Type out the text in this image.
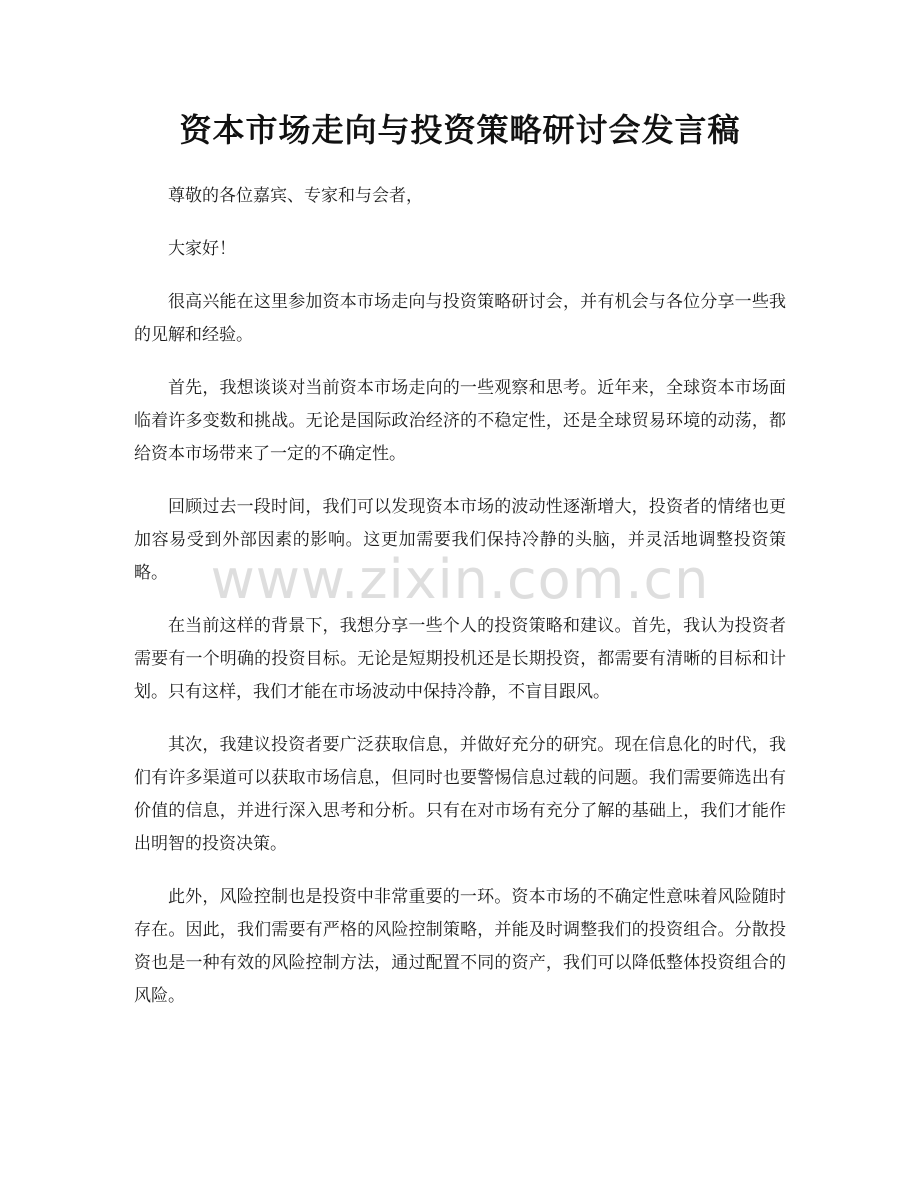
资本市场走向与投资策略研讨会发言稿

尊敬的各位嘉宾、专家和与会者，

大家好！

很高兴能在这里参加资本市场走向与投资策略研讨会，并有机会与各位分享一些我的见解和经验。

首先，我想谈谈对当前资本市场走向的一些观察和思考。近年来，全球资本市场面临着许多变数和挑战。无论是国际政治经济的不稳定性，还是全球贸易环境的动荡，都给资本市场带来了一定的不确定性。

回顾过去一段时间，我们可以发现资本市场的波动性逐渐增大，投资者的情绪也更加容易受到外部因素的影响。这更加需要我们保持冷静的头脑，并灵活地调整投资策略。

在当前这样的背景下，我想分享一些个人的投资策略和建议。首先，我认为投资者需要有一个明确的投资目标。无论是短期投机还是长期投资，都需要有清晰的目标和计划。只有这样，我们才能在市场波动中保持冷静，不盲目跟风。

其次，我建议投资者要广泛获取信息，并做好充分的研究。现在信息化的时代，我们有许多渠道可以获取市场信息，但同时也要警惕信息过载的问题。我们需要筛选出有价值的信息，并进行深入思考和分析。只有在对市场有充分了解的基础上，我们才能作出明智的投资决策。

此外，风险控制也是投资中非常重要的一环。资本市场的不确定性意味着风险随时存在。因此，我们需要有严格的风险控制策略，并能及时调整我们的投资组合。分散投资也是一种有效的风险控制方法，通过配置不同的资产，我们可以降低整体投资组合的风险。

www.zixin.com.cn
